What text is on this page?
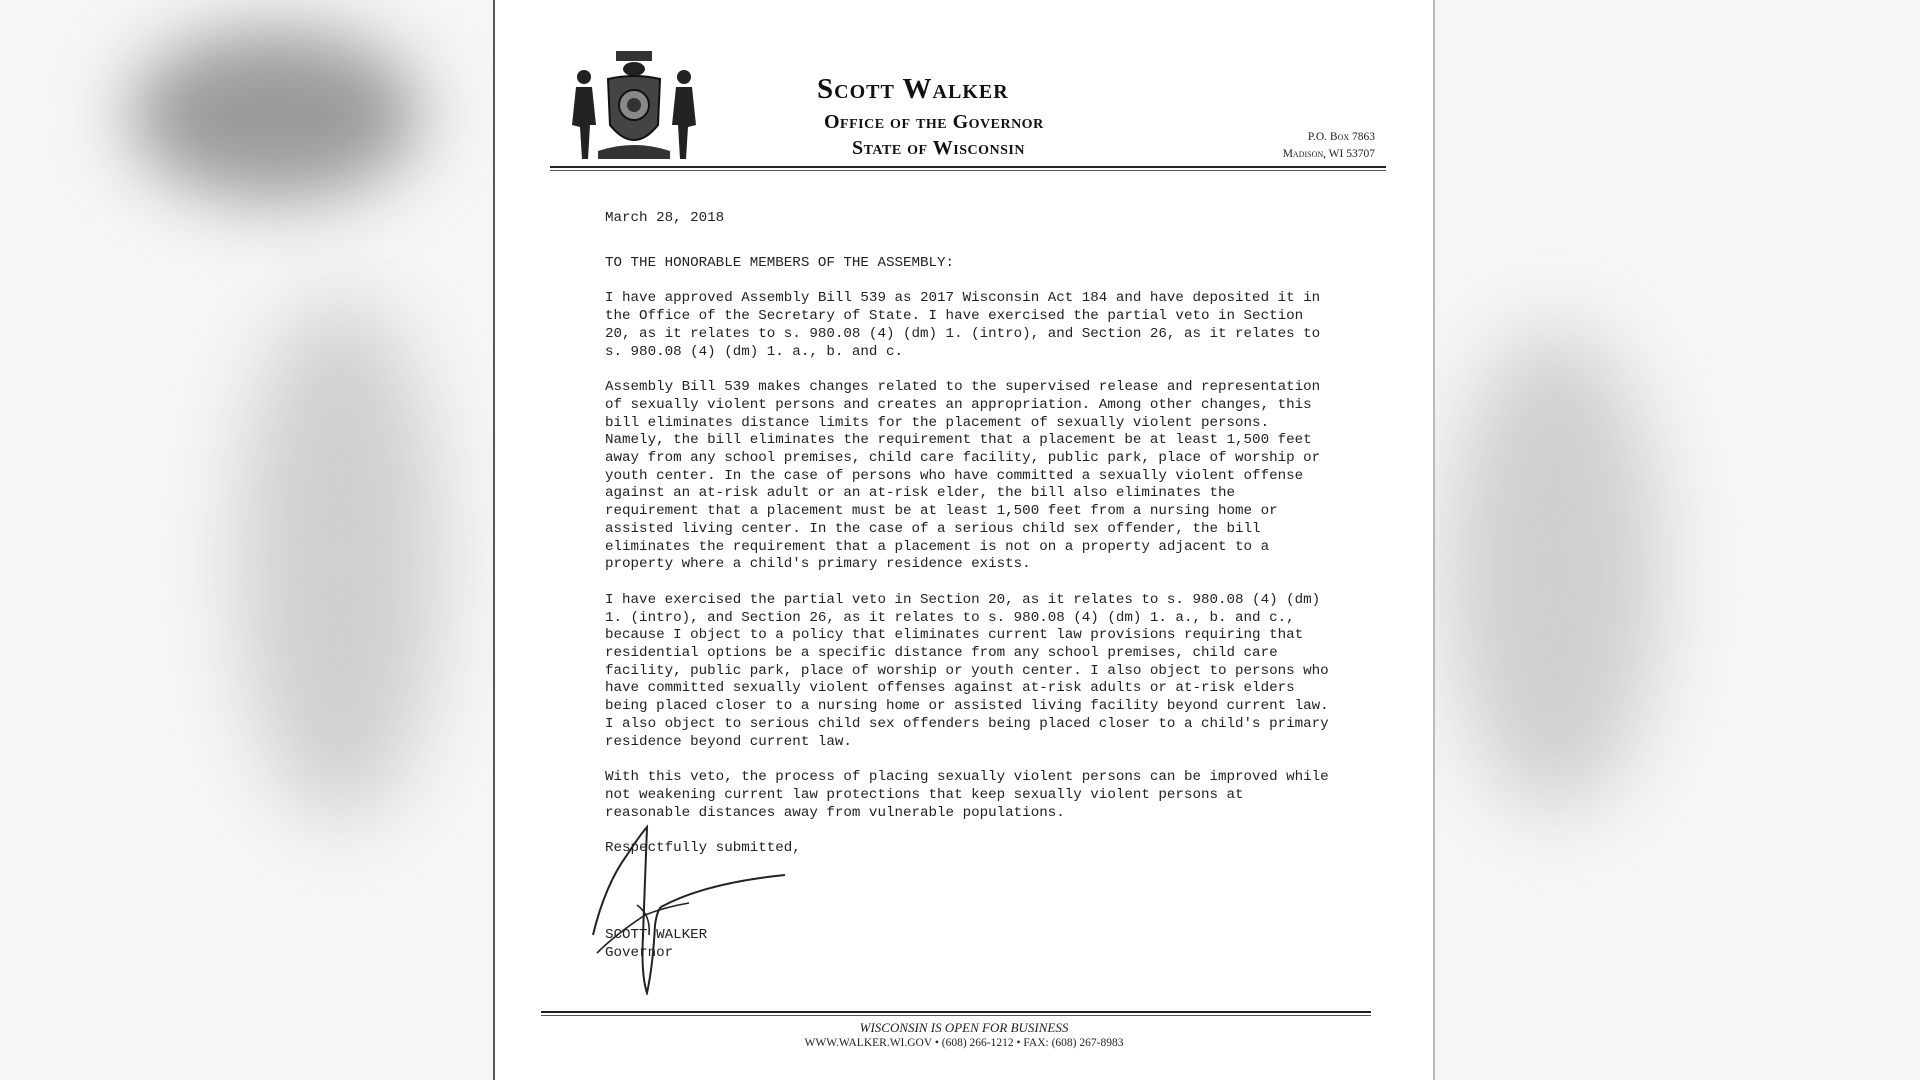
Scott Walker
Office of the Governor
State of Wisconsin	P.O. Box 7863
Madison, WI 53707

March 28, 2018

TO THE HONORABLE MEMBERS OF THE ASSEMBLY:

I have approved Assembly Bill 539 as 2017 Wisconsin Act 184 and have deposited it in the Office of the Secretary of State. I have exercised the partial veto in Section 20, as it relates to s. 980.08 (4) (dm) 1. (intro), and Section 26, as it relates to s. 980.08 (4) (dm) 1. a., b. and c.

Assembly Bill 539 makes changes related to the supervised release and representation of sexually violent persons and creates an appropriation. Among other changes, this bill eliminates distance limits for the placement of sexually violent persons. Namely, the bill eliminates the requirement that a placement be at least 1,500 feet away from any school premises, child care facility, public park, place of worship or youth center. In the case of persons who have committed a sexually violent offense against an at-risk adult or an at-risk elder, the bill also eliminates the requirement that a placement must be at least 1,500 feet from a nursing home or assisted living center. In the case of a serious child sex offender, the bill eliminates the requirement that a placement is not on a property adjacent to a property where a child's primary residence exists.

I have exercised the partial veto in Section 20, as it relates to s. 980.08 (4) (dm) 1. (intro), and Section 26, as it relates to s. 980.08 (4) (dm) 1. a., b. and c., because I object to a policy that eliminates current law provisions requiring that residential options be a specific distance from any school premises, child care facility, public park, place of worship or youth center. I also object to persons who have committed sexually violent offenses against at-risk adults or at-risk elders being placed closer to a nursing home or assisted living facility beyond current law. I also object to serious child sex offenders being placed closer to a child's primary residence beyond current law.

With this veto, the process of placing sexually violent persons can be improved while not weakening current law protections that keep sexually violent persons at reasonable distances away from vulnerable populations.

Respectfully submitted,

SCOTT WALKER

Governor

WISCONSIN IS OPEN FOR BUSINESS
WWW.WALKER.WI.GOV • (608) 266-1212 • FAX: (608) 267-8983
